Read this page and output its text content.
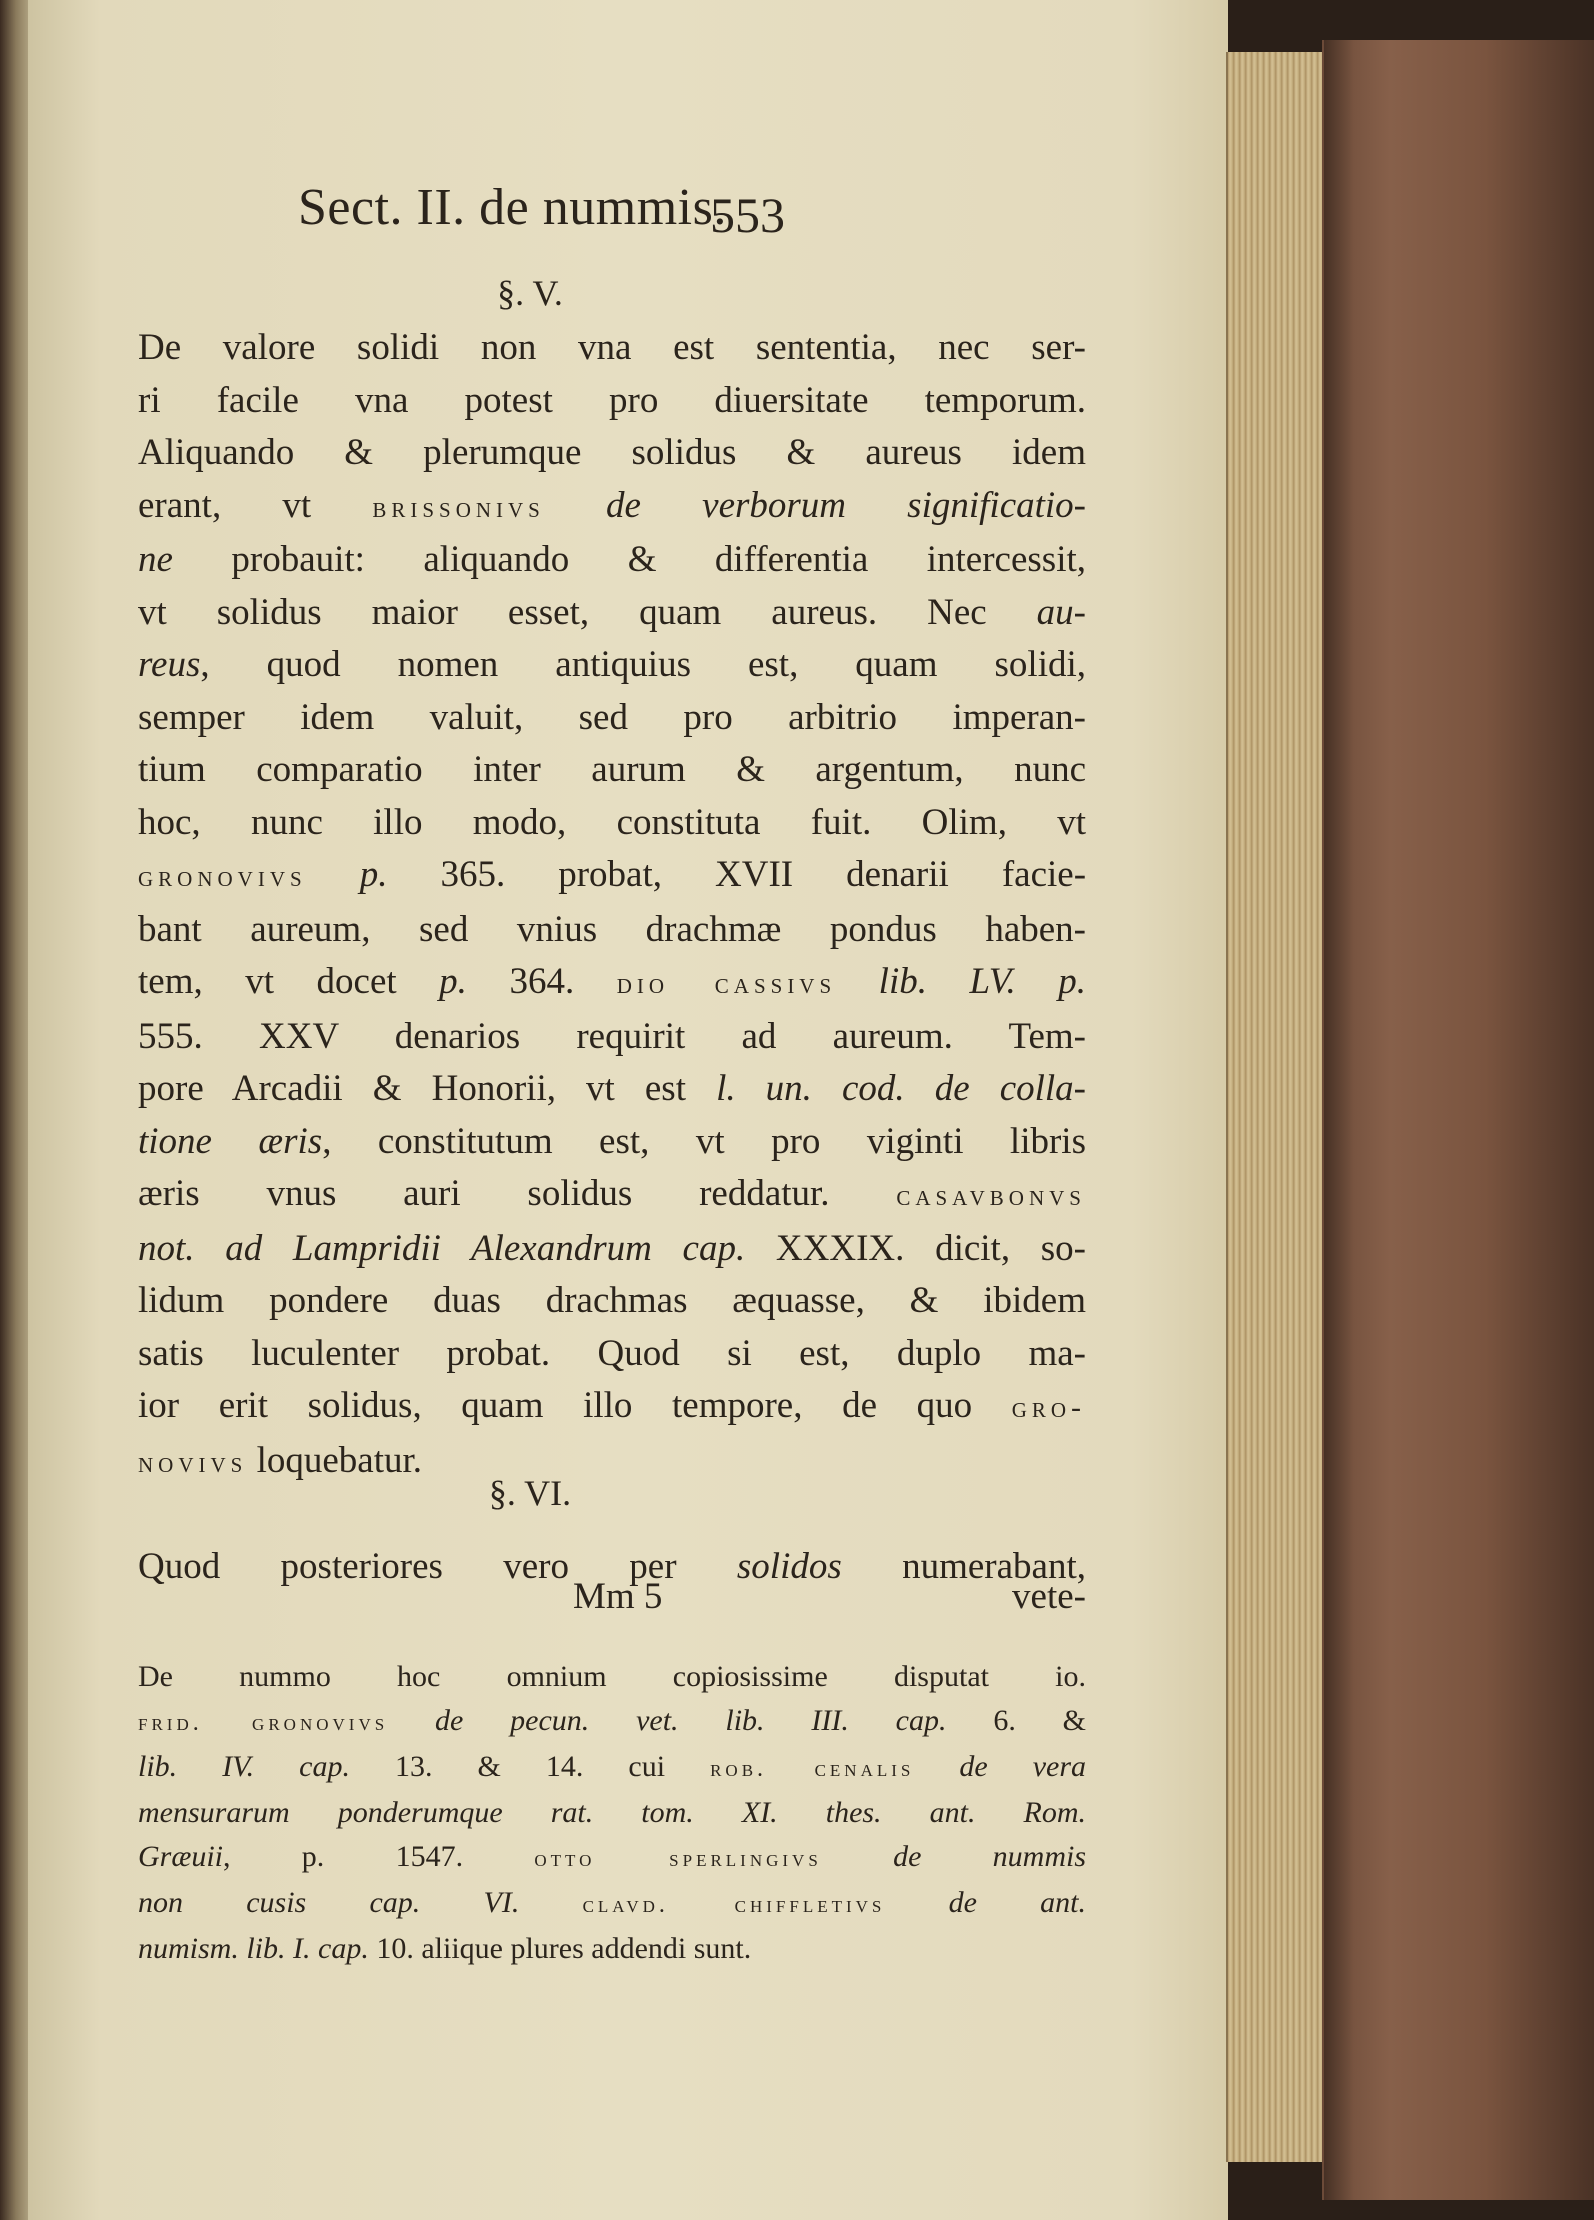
Sect. II. de nummis.
553
§. V.
De valore solidi non vna est sententia, nec ser-
ri facile vna potest pro diuersitate temporum.
Aliquando & plerumque solidus & aureus idem
erant, vt brissonivs de verborum significatio-
ne probauit: aliquando & differentia intercessit,
vt solidus maior esset, quam aureus. Nec au-
reus, quod nomen antiquius est, quam solidi,
semper idem valuit, sed pro arbitrio imperan-
tium comparatio inter aurum & argentum, nunc
hoc, nunc illo modo, constituta fuit. Olim, vt
gronovivs p. 365. probat, XVII denarii facie-
bant aureum, sed vnius drachmæ pondus haben-
tem, vt docet p. 364. dio cassivs lib. LV. p.
555. XXV denarios requirit ad aureum. Tem-
pore Arcadii & Honorii, vt est l. un. cod. de colla-
tione æris, constitutum est, vt pro viginti libris
æris vnus auri solidus reddatur. casavbonvs
not. ad Lampridii Alexandrum cap. XXXIX. dicit, so-
lidum pondere duas drachmas æquasse, & ibidem
satis luculenter probat. Quod si est, duplo ma-
ior erit solidus, quam illo tempore, de quo gro-
novivs loquebatur.
Quod posteriores vero per solidos numerabant,
§. VI.
Mm 5	vete-
De nummo hoc omnium copiosissime disputat io.
frid. gronovivs de pecun. vet. lib. III. cap. 6. &
lib. IV. cap. 13. & 14. cui rob. cenalis de vera
mensurarum ponderumque rat. tom. XI. thes. ant. Rom.
Græuii, p. 1547.	otto sperlingivs de nummis
non cusis cap. VI.	clavd. chiffletivs de ant.
numism. lib. I. cap. 10. aliique plures addendi sunt.
